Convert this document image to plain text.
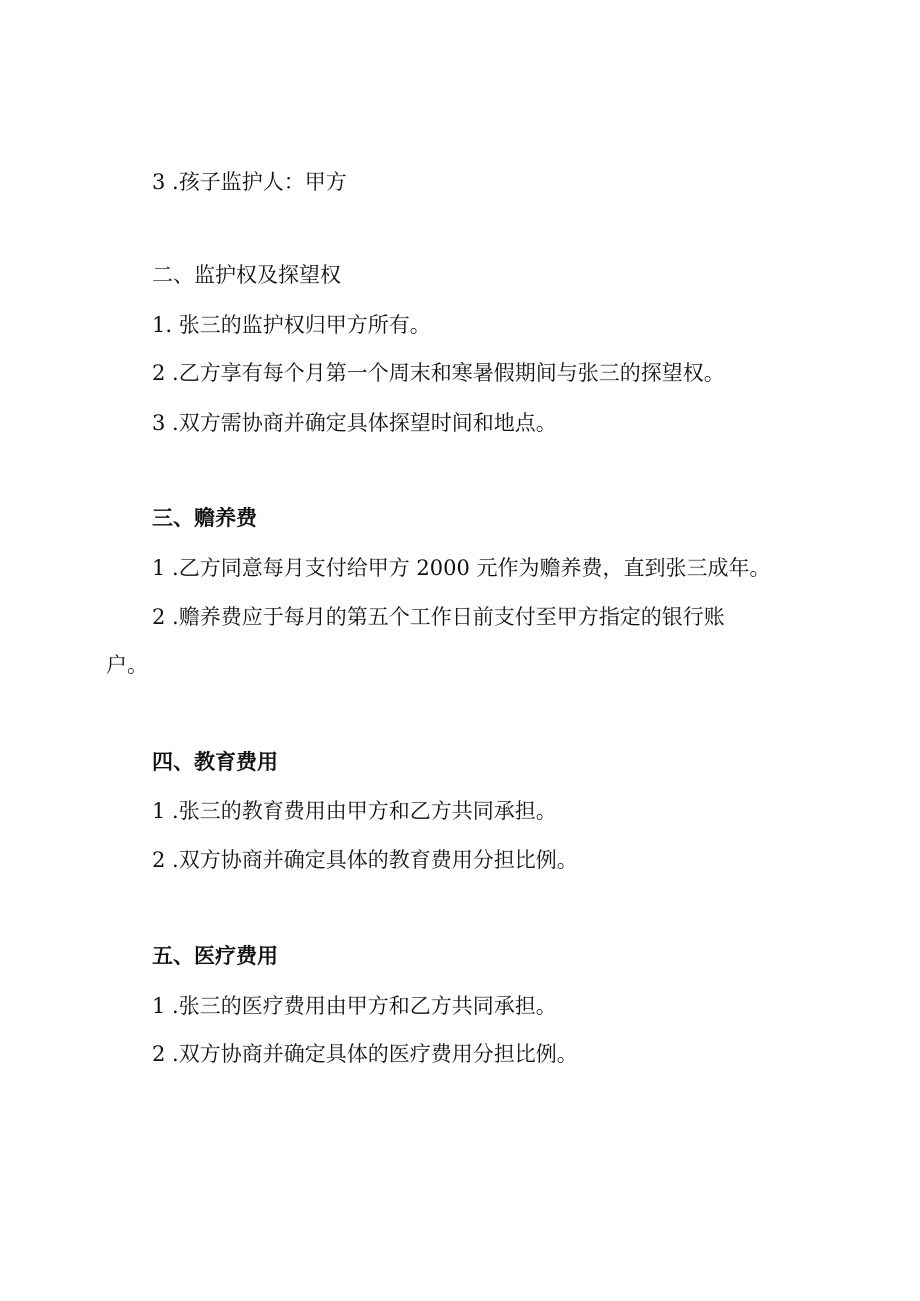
3 .孩子监护人：甲方
二、监护权及探望权
1. 张三的监护权归甲方所有。
2 .乙方享有每个月第一个周末和寒暑假期间与张三的探望权。
3 .双方需协商并确定具体探望时间和地点。
三、赡养费
1 .乙方同意每月支付给甲方 2000 元作为赡养费，直到张三成年。
2 .赡养费应于每月的第五个工作日前支付至甲方指定的银行账
户。
四、教育费用
1 .张三的教育费用由甲方和乙方共同承担。
2 .双方协商并确定具体的教育费用分担比例。
五、医疗费用
1 .张三的医疗费用由甲方和乙方共同承担。
2 .双方协商并确定具体的医疗费用分担比例。
